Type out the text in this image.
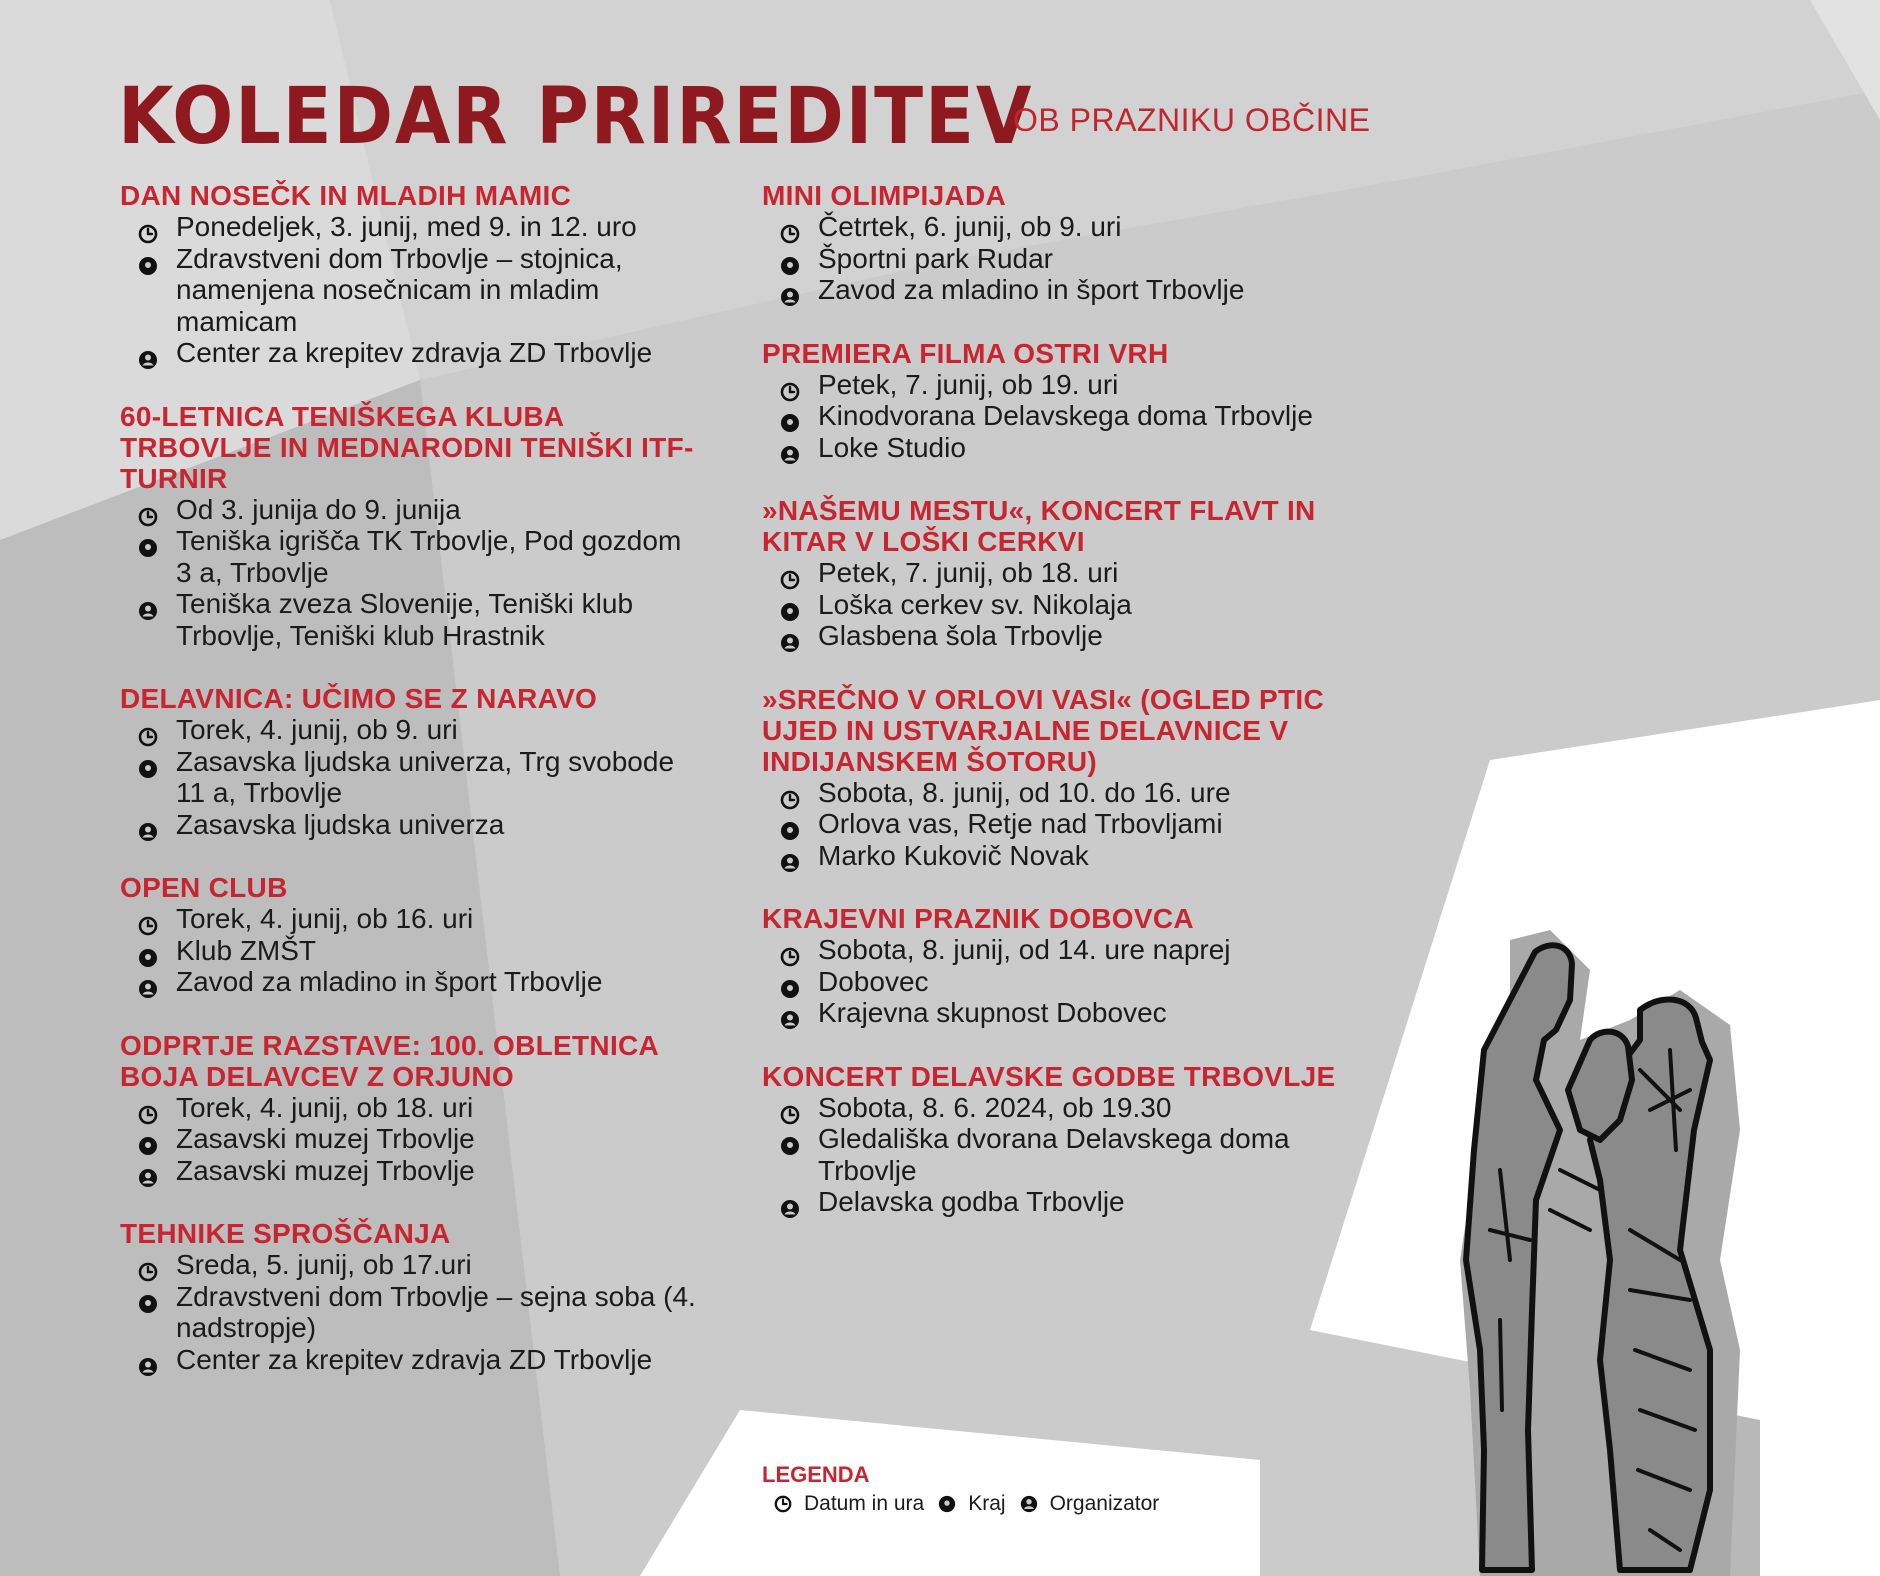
KOLEDAR PRIREDITEV
OB PRAZNIKU OBČINE
DAN NOSEČK IN MLADIH MAMIC
Ponedeljek, 3. junij, med 9. in 12. uro
Zdravstveni dom Trbovlje – stojnica, namenjena nosečnicam in mladim mamicam
Center za krepitev zdravja ZD Trbovlje
60-LETNICA TENIŠKEGA KLUBA TRBOVLJE IN MEDNARODNI TENIŠKI ITF-TURNIR
Od 3. junija do 9. junija
Teniška igrišča TK Trbovlje, Pod gozdom 3 a, Trbovlje
Teniška zveza Slovenije, Teniški klub Trbovlje, Teniški klub Hrastnik
DELAVNICA: UČIMO SE Z NARAVO
Torek, 4. junij, ob 9. uri
Zasavska ljudska univerza, Trg svobode 11 a, Trbovlje
Zasavska ljudska univerza
OPEN CLUB
Torek, 4. junij, ob 16. uri
Klub ZMŠT
Zavod za mladino in šport Trbovlje
ODPRTJE RAZSTAVE: 100. OBLETNICA BOJA DELAVCEV Z ORJUNO
Torek, 4. junij, ob 18. uri
Zasavski muzej Trbovlje
Zasavski muzej Trbovlje
TEHNIKE SPROŠČANJA
Sreda, 5. junij, ob 17.uri
Zdravstveni dom Trbovlje – sejna soba (4. nadstropje)
Center za krepitev zdravja ZD Trbovlje
MINI OLIMPIJADA
Četrtek, 6. junij, ob 9. uri
Športni park Rudar
Zavod za mladino in šport Trbovlje
PREMIERA FILMA OSTRI VRH
Petek, 7. junij, ob 19. uri
Kinodvorana Delavskega doma Trbovlje
Loke Studio
»NAŠEMU MESTU«, KONCERT FLAVT IN KITAR V LOŠKI CERKVI
Petek, 7. junij, ob 18. uri
Loška cerkev sv. Nikolaja
Glasbena šola Trbovlje
»SREČNO V ORLOVI VASI« (OGLED PTIC UJED IN USTVARJALNE DELAVNICE V INDIJANSKEM ŠOTORU)
Sobota, 8. junij, od 10. do 16. ure
Orlova vas, Retje nad Trbovljami
Marko Kukovič Novak
KRAJEVNI PRAZNIK DOBOVCA
Sobota, 8. junij, od 14. ure naprej
Dobovec
Krajevna skupnost Dobovec
KONCERT DELAVSKE GODBE TRBOVLJE
Sobota, 8. 6. 2024, ob 19.30
Gledališka dvorana Delavskega doma Trbovlje
Delavska godba Trbovlje
LEGENDA
Datum in ura Kraj Organizator
